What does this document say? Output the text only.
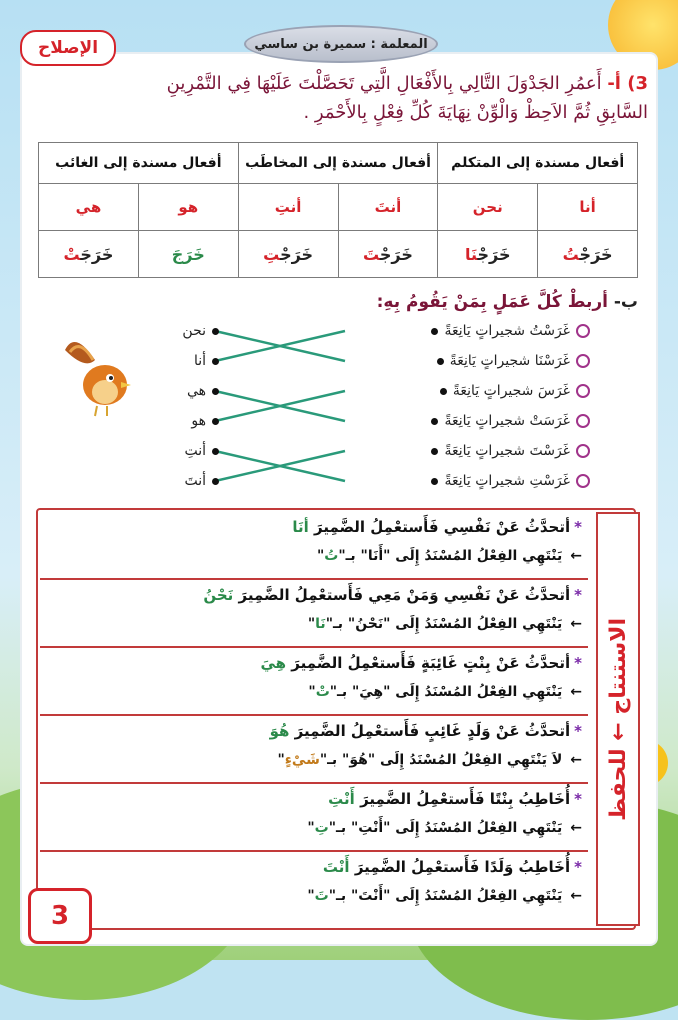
الإصلاح	المعلمة : سميرة بن ساسي
3) أ- أَعمُرِ الجَدْوَلَ التَّالِي بِالأَفْعَالِ الَّتِي تَحَصَّلْتَ عَلَيْهَا فِي التَّمْرِينِ
السَّابِقِ ثُمَّ الاَحِظْ وَالْوِّنْ نِهَايَةَ كُلِّ فِعْلٍ بِالأَحْمَرِ .
أفعال مسندة إلى المتكلم		أفعال مسندة إلى المخاطَب		أفعال مسندة إلى الغائب	
أنا	نحن	أنتَ	أنتِ	هو	هي
خَرَجْتُ	خَرَجْنَا	خَرَجْتَ	خَرَجْتِ	خَرَجَ	خَرَجَتْ
ب- أربطْ كُلَّ عَمَلٍ بِمَنْ يَقُومُ بِهِ:
نحن
أنا
هي
هو
أنتِ
أنتَ
غَرَسْتُ شجيراتٍ يَانِعَةً
غَرَسْنَا شجيراتٍ يَانِعَةً
غَرَسَ شجيراتٍ يَانِعَةً
غَرَسَتْ شجيراتٍ يَانِعَةً
غَرَسْتَ شجيراتٍ يَانِعَةً
غَرَسْتِ شجيراتٍ يَانِعَةً
الاستنتاج ← للحفظ
*أتحدَّثُ عَنْ نَفْسِي فَأَستعْمِلُ الضَّمِيرَ أنَا
←يَنْتَهِي الفِعْلُ المُسْنَدُ إِلَى "أَنَا" بـ"تُ"
*أتحدَّثُ عَنْ نَفْسِي وَمَنْ مَعِي فَأَستعْمِلُ الضَّمِيرَ نَحْنُ
←يَنْتَهِي الفِعْلُ المُسْنَدُ إِلَى "نَحْنُ" بـ"نَا"
*أتحدَّثُ عَنْ بِنْتٍ غَائِبَةٍ فَأَستعْمِلُ الضَّمِيرَ هِيَ
←يَنْتَهِي الفِعْلُ المُسْنَدُ إِلَى "هِيَ" بـ"تْ"
*أتحدَّثُ عَنْ وَلَدٍ غَائِبٍ فَأَستعْمِلُ الضَّمِيرَ هُوَ
←لاَ يَنْتَهِي الفِعْلُ المُسْنَدُ إِلَى "هُوَ" بـ"شَيْءٍ"
*أُخَاطِبُ بِنْتًا فَأَستعْمِلُ الضَّمِيرَ أَنْتِ
←يَنْتَهِي الفِعْلُ المُسْنَدُ إِلَى "أَنْتِ" بـ"تِ"
*أُخَاطِبُ وَلَدًا فَأَستعْمِلُ الضَّمِيرَ أَنْتَ
←يَنْتَهِي الفِعْلُ المُسْنَدُ إِلَى "أَنْتَ" بـ"تَ"
3
